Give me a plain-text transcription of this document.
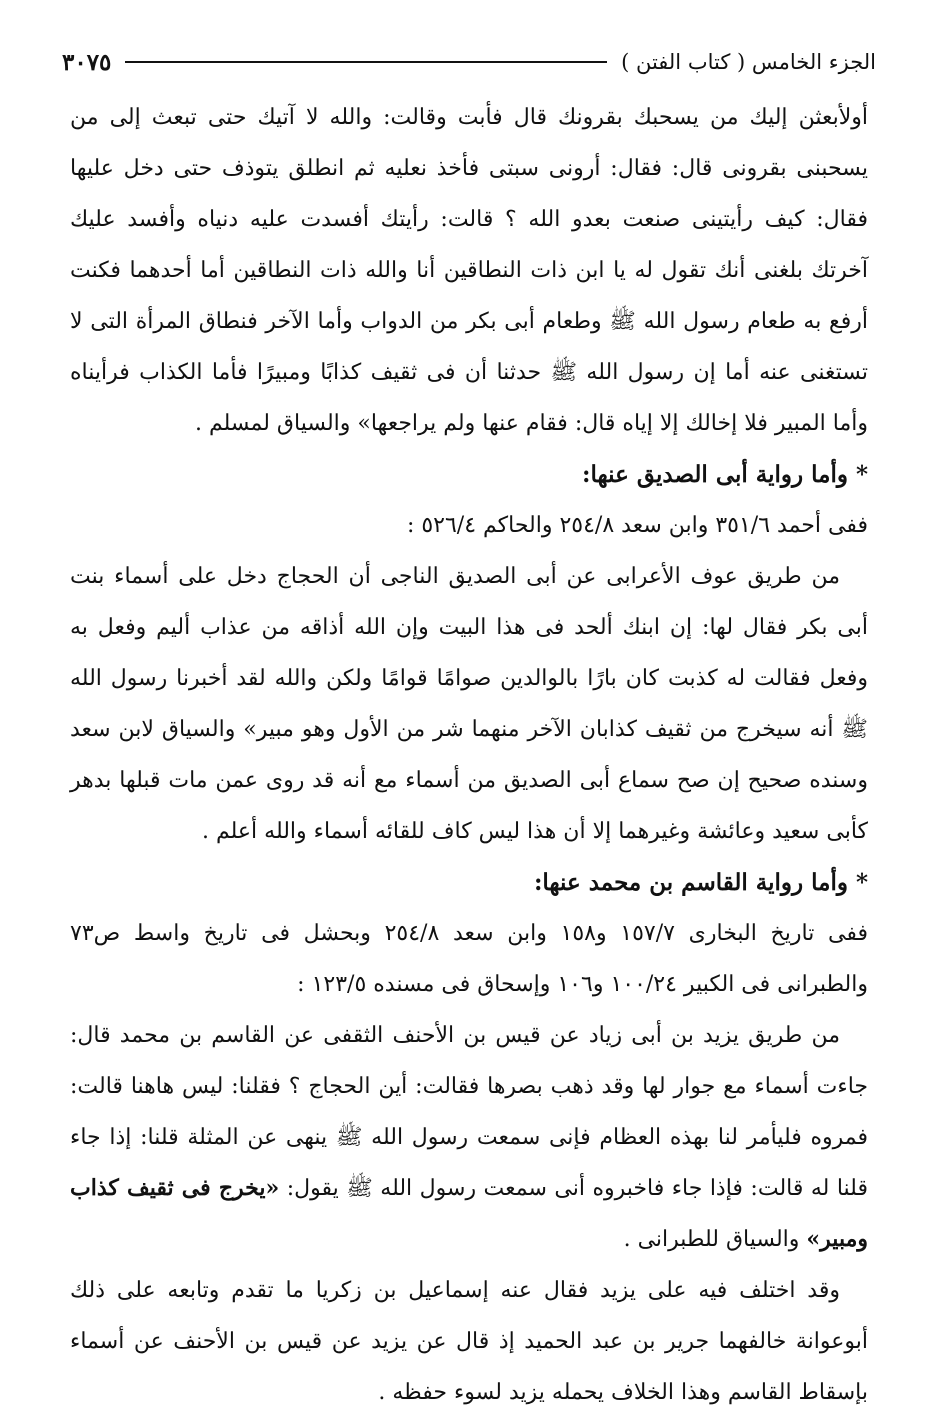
الجزء الخامس ( كتاب الفتن )
٣٠٧٥

أولأبعثن إليك من يسحبك بقرونك قال فأبت وقالت: والله لا آتيك حتى تبعث إلى من يسحبنى بقرونى قال: فقال: أرونى سبتى فأخذ نعليه ثم انطلق يتوذف حتى دخل عليها فقال: كيف رأيتينى صنعت بعدو الله ؟ قالت: رأيتك أفسدت عليه دنياه وأفسد عليك آخرتك بلغنى أنك تقول له يا ابن ذات النطاقين أنا والله ذات النطاقين أما أحدهما فكنت أرفع به طعام رسول الله ﷺ وطعام أبى بكر من الدواب وأما الآخر فنطاق المرأة التى لا تستغنى عنه أما إن رسول الله ﷺ حدثنا أن فى ثقيف كذابًا ومبيرًا فأما الكذاب فرأيناه وأما المبير فلا إخالك إلا إياه قال: فقام عنها ولم يراجعها» والسياق لمسلم .

* وأما رواية أبى الصديق عنها:

ففى أحمد ٣٥١/٦ وابن سعد ٢٥٤/٨ والحاكم ٥٢٦/٤ :

من طريق عوف الأعرابى عن أبى الصديق الناجى أن الحجاج دخل على أسماء بنت أبى بكر فقال لها: إن ابنك ألحد فى هذا البيت وإن الله أذاقه من عذاب أليم وفعل به وفعل فقالت له كذبت كان بارًا بالوالدين صوامًا قوامًا ولكن والله لقد أخبرنا رسول الله ﷺ أنه سيخرج من ثقيف كذابان الآخر منهما شر من الأول وهو مبير» والسياق لابن سعد وسنده صحيح إن صح سماع أبى الصديق من أسماء مع أنه قد روى عمن مات قبلها بدهر كأبى سعيد وعائشة وغيرهما إلا أن هذا ليس كاف للقائه أسماء والله أعلم .

* وأما رواية القاسم بن محمد عنها:

ففى تاريخ البخارى ١٥٧/٧ و١٥٨ وابن سعد ٢٥٤/٨ وبحشل فى تاريخ واسط ص٧٣ والطبرانى فى الكبير ١٠٠/٢٤ و١٠٦ وإسحاق فى مسنده ١٢٣/٥ :

من طريق يزيد بن أبى زياد عن قيس بن الأحنف الثقفى عن القاسم بن محمد قال: جاءت أسماء مع جوار لها وقد ذهب بصرها فقالت: أين الحجاج ؟ فقلنا: ليس هاهنا قالت: فمروه فليأمر لنا بهذه العظام فإنى سمعت رسول الله ﷺ ينهى عن المثلة قلنا: إذا جاء قلنا له قالت: فإذا جاء فاخبروه أنى سمعت رسول الله ﷺ يقول: «يخرج فى ثقيف كذاب ومبير» والسياق للطبرانى .

وقد اختلف فيه على يزيد فقال عنه إسماعيل بن زكريا ما تقدم وتابعه على ذلك أبوعوانة خالفهما جرير بن عبد الحميد إذ قال عن يزيد عن قيس بن الأحنف عن أسماء بإسقاط القاسم وهذا الخلاف يحمله يزيد لسوء حفظه .
